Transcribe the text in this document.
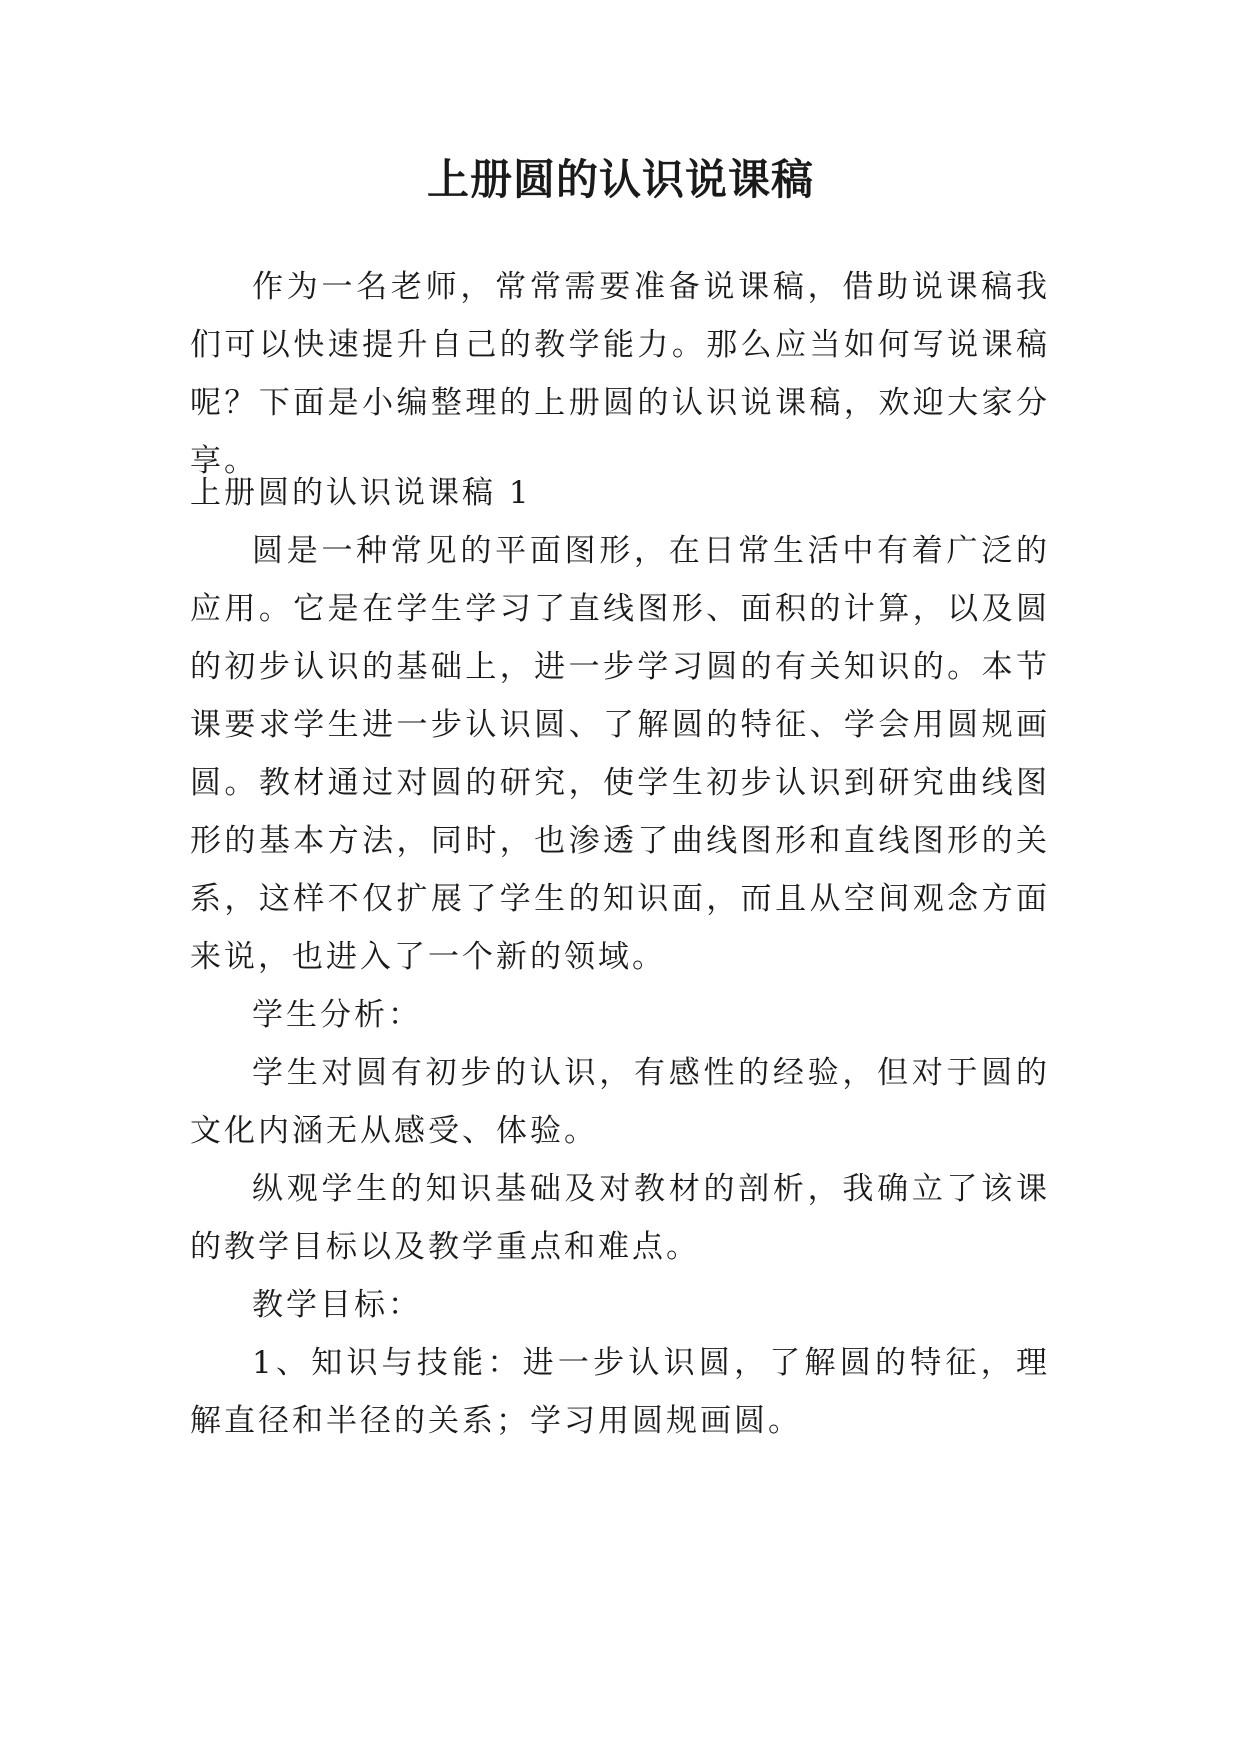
上册圆的认识说课稿

作为一名老师，常常需要准备说课稿，借助说课稿我们可以快速提升自己的教学能力。那么应当如何写说课稿呢？下面是小编整理的上册圆的认识说课稿，欢迎大家分享。

上册圆的认识说课稿 1

圆是一种常见的平面图形，在日常生活中有着广泛的应用。它是在学生学习了直线图形、面积的计算，以及圆的初步认识的基础上，进一步学习圆的有关知识的。本节课要求学生进一步认识圆、了解圆的特征、学会用圆规画圆。教材通过对圆的研究，使学生初步认识到研究曲线图形的基本方法，同时，也渗透了曲线图形和直线图形的关系，这样不仅扩展了学生的知识面，而且从空间观念方面来说，也进入了一个新的领域。

学生分析：

学生对圆有初步的认识，有感性的经验，但对于圆的文化内涵无从感受、体验。

纵观学生的知识基础及对教材的剖析，我确立了该课的教学目标以及教学重点和难点。

教学目标：

1、知识与技能：进一步认识圆，了解圆的特征，理解直径和半径的关系；学习用圆规画圆。
